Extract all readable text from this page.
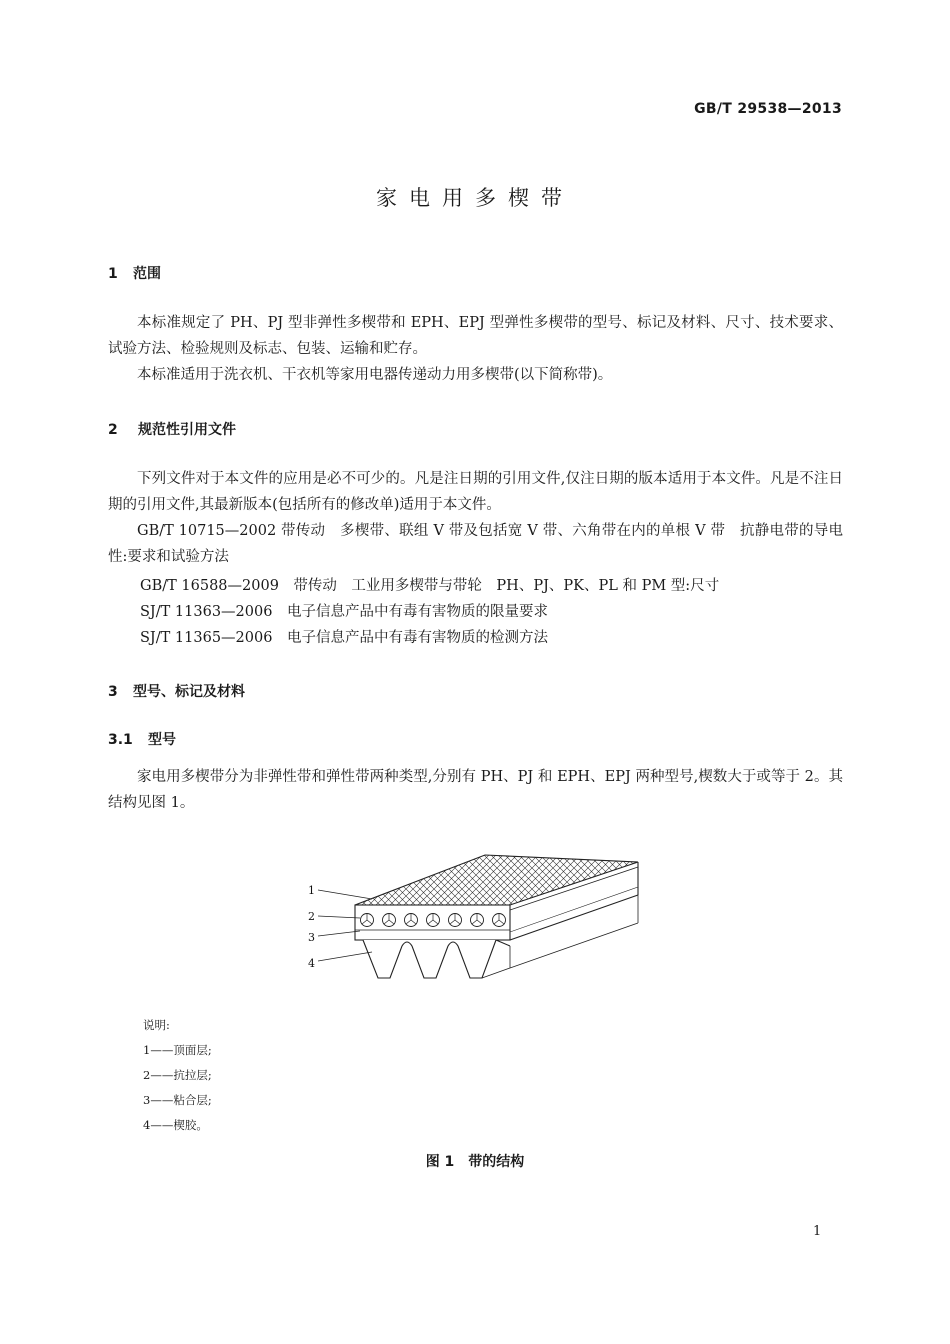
GB/T 29538—2013
家电用多楔带
1 范围
本标准规定了 PH、PJ 型非弹性多楔带和 EPH、EPJ 型弹性多楔带的型号、标记及材料、尺寸、技术要求、试验方法、检验规则及标志、包装、运输和贮存。
本标准适用于洗衣机、干衣机等家用电器传递动力用多楔带(以下简称带)。
2 规范性引用文件
下列文件对于本文件的应用是必不可少的。凡是注日期的引用文件,仅注日期的版本适用于本文件。凡是不注日期的引用文件,其最新版本(包括所有的修改单)适用于本文件。
GB/T 10715—2002 带传动　多楔带、联组 V 带及包括宽 V 带、六角带在内的单根 V 带　抗静电带的导电性:要求和试验方法
GB/T 16588—2009　带传动　工业用多楔带与带轮　PH、PJ、PK、PL 和 PM 型:尺寸
SJ/T 11363—2006　电子信息产品中有毒有害物质的限量要求
SJ/T 11365—2006　电子信息产品中有毒有害物质的检测方法
3 型号、标记及材料
3.1 型号
家电用多楔带分为非弹性带和弹性带两种类型,分别有 PH、PJ 和 EPH、EPJ 两种型号,楔数大于或等于 2。其结构见图 1。
1
2
3
4
说明:
1——顶面层;
2——抗拉层;
3——粘合层;
4——楔胶。
图 1　带的结构
1
